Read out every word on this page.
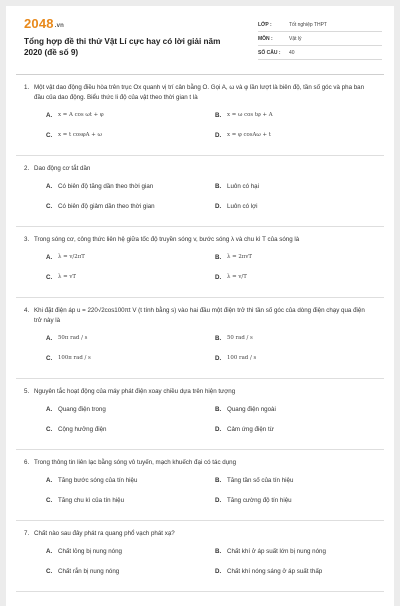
2048.vn
Tổng hợp đề thi thử Vật Lí cực hay có lời giải năm 2020 (đề số 9)
LỚP :	Tốt nghiệp THPT
MÔN :	Vật lý
SỐ CÂU :	40
1. Một vật dao động điều hòa trên trục Ox quanh vị trí cân bằng O. Gọi A, ω và φ lần lượt là biên độ, tần số góc và pha ban đầu của dao động. Biểu thức li độ của vật theo thời gian t là
A.	x = A cos ωt + φ	B.	x = ω cos tφ + A
C.	x = t cosφA + ω	D.	x = φ cosAω + t
2. Dao động cơ tắt dần
A. Có biên độ tăng dần theo thời gian	B. Luôn có hại
C. Có biên độ giảm dần theo thời gian	D. Luôn có lợi
3. Trong sóng cơ, công thức liên hệ giữa tốc độ truyền sóng v, bước sóng λ và chu kì T của sóng là
A.	λ = v/2πT	B.	λ = 2πvT
C.	λ = vT	D.	λ = v/T
4. Khi đặt điện áp u = 220√2cos100πt V (t tính bằng s) vào hai đầu một điện trở thì tần số góc của dòng điện chạy qua điện trở này là
A.	50π rad / s	B.	50 rad / s
C.	100π rad / s	D.	100 rad / s
5. Nguyên tắc hoạt động của máy phát điện xoay chiều dựa trên hiện tượng
A. Quang điện trong	B. Quang điện ngoài
C. Cộng hưởng điện	D. Cảm ứng điện từ
6. Trong thông tin liên lạc bằng sóng vô tuyến, mạch khuếch đại có tác dụng
A. Tăng bước sóng của tín hiệu	B. Tăng tần số của tín hiệu
C. Tăng chu kì của tín hiệu	D. Tăng cường độ tín hiệu
7. Chất nào sau đây phát ra quang phổ vạch phát xạ?
A. Chất lỏng bị nung nóng	B. Chất khí ở áp suất lớn bị nung nóng
C. Chất rắn bị nung nóng	D. Chất khí nóng sáng ở áp suất thấp
